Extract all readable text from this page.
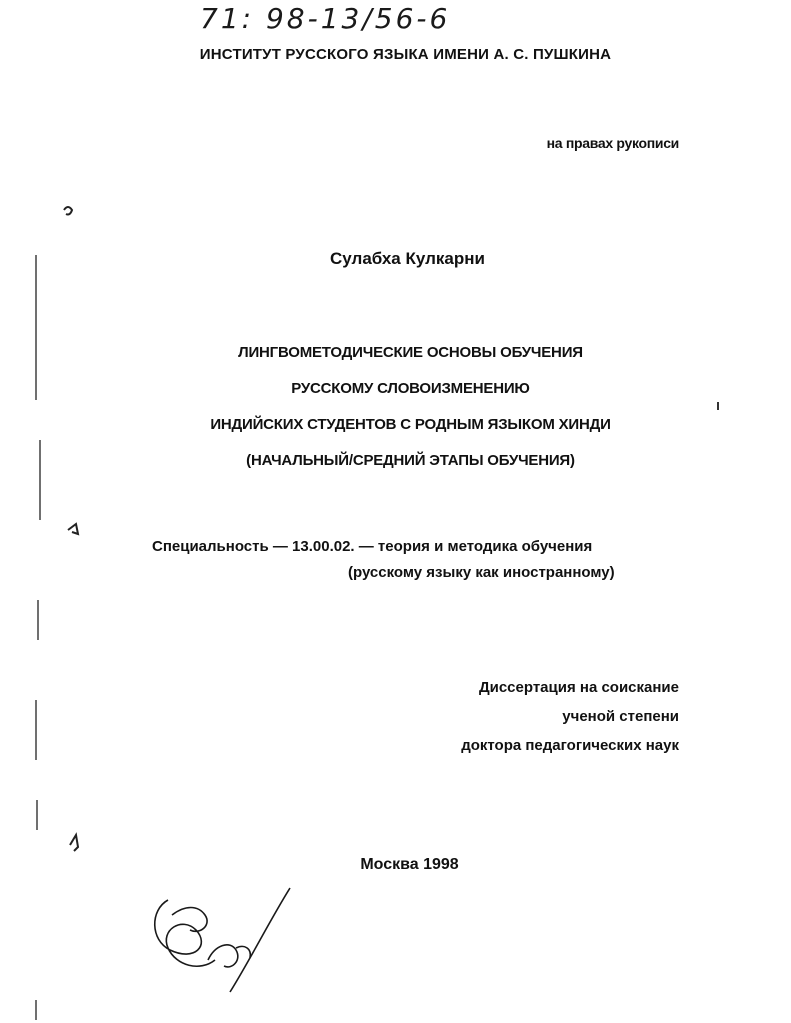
71: 98-13/56-6
ИНСТИТУТ РУССКОГО ЯЗЫКА ИМЕНИ А. С. ПУШКИНА
на правах рукописи
Сулабха Кулкарни
ЛИНГВОМЕТОДИЧЕСКИЕ ОСНОВЫ ОБУЧЕНИЯ
РУССКОМУ СЛОВОИЗМЕНЕНИЮ
ИНДИЙСКИХ СТУДЕНТОВ С РОДНЫМ ЯЗЫКОМ ХИНДИ
(НАЧАЛЬНЫЙ/СРЕДНИЙ ЭТАПЫ ОБУЧЕНИЯ)
Специальность — 13.00.02. — теория и методика обучения
(русскому языку как иностранному)
Диссертация на соискание
ученой степени
доктора педагогических наук
Москва 1998
